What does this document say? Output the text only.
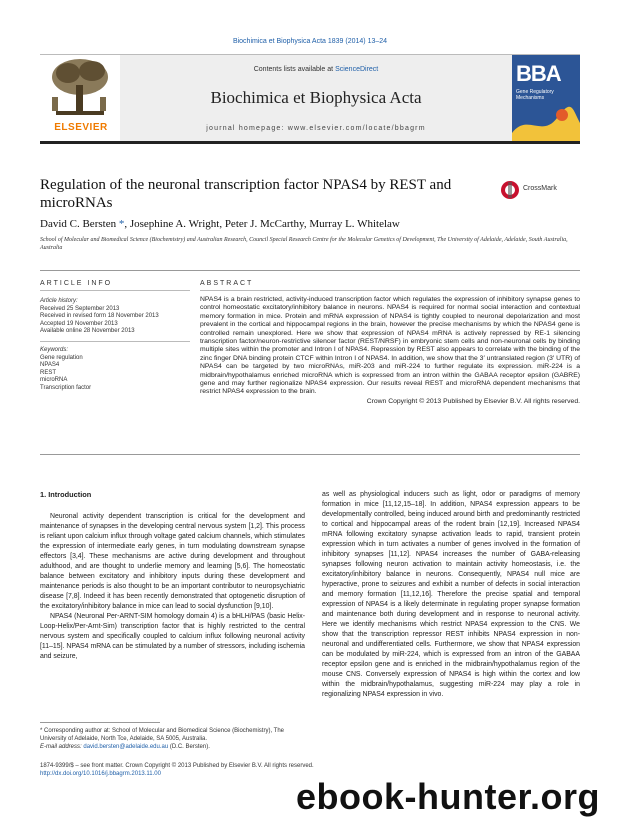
Biochimica et Biophysica Acta 1839 (2014) 13–24
ELSEVIER
Contents lists available at ScienceDirect
Biochimica et Biophysica Acta
journal homepage: www.elsevier.com/locate/bbagrm
BBA
Gene Regulatory Mechanisms
Regulation of the neuronal transcription factor NPAS4 by REST and microRNAs
CrossMark
David C. Bersten *, Josephine A. Wright, Peter J. McCarthy, Murray L. Whitelaw
School of Molecular and Biomedical Science (Biochemistry) and Australian Research, Council Special Research Centre for the Molecular Genetics of Development, The University of Adelaide, Adelaide, South Australia, Australia
ARTICLE INFO	ABSTRACT
Article history:
Received 25 September 2013
Received in revised form 18 November 2013
Accepted 19 November 2013
Available online 28 November 2013
Keywords:
Gene regulation
NPAS4
REST
microRNA
Transcription factor
NPAS4 is a brain restricted, activity-induced transcription factor which regulates the expression of inhibitory synapse genes to control homeostatic excitatory/inhibitory balance in neurons. NPAS4 is required for normal social interaction and contextual memory formation in mice. Protein and mRNA expression of NPAS4 is tightly coupled to neuronal depolarization and most prevalent in the cortical and hippocampal regions in the brain, however the precise mechanisms by which the NPAS4 gene is controlled remain unexplored. Here we show that expression of NPAS4 mRNA is actively repressed by RE-1 silencing transcription factor/neuron-restrictive silencer factor (REST/NRSF) in embryonic stem cells and non-neuronal cells by binding multiple sites within the promoter and Intron I of NPAS4. Repression by REST also appears to correlate with the binding of the zinc finger DNA binding protein CTCF within Intron I of NPAS4. In addition, we show that the 3′ untranslated region (3′ UTR) of NPAS4 can be targeted by two microRNAs, miR-203 and miR-224 to further regulate its expression. miR-224 is a midbrain/hypothalamus enriched microRNA which is expressed from an intron within the GABAA receptor epsilon (GABRE) gene and may further regionalize NPAS4 expression. Our results reveal REST and microRNA dependent mechanisms that restrict NPAS4 expression to the brain.
Crown Copyright © 2013 Published by Elsevier B.V. All rights reserved.
1. Introduction

Neuronal activity dependent transcription is critical for the development and maintenance of synapses in the developing central nervous system [1,2]. This process is reliant upon calcium influx through voltage gated calcium channels, which stimulates the expression of intermediate early genes, in turn modulating downstream synapse effectors [3,4]. These mechanisms are active during development and throughout adulthood, and are thought to underlie memory and learning [5,6]. The homeostatic balance between excitatory and inhibitory inputs during these development and maintenance periods is also thought to be an important contributor to neuropsychiatric disease [7,8]. Indeed it has been recently demonstrated that optogenetic disruption of the excitatory/inhibitory balance in mice can lead to social dysfunction [9,10].

NPAS4 (Neuronal Per-ARNT-SIM homology domain 4) is a bHLH/PAS (basic Helix-Loop-Helix/Per-Arnt-Sim) transcription factor that is highly restricted to the central nervous system and specifically coupled to calcium influx following neuronal activity [11–15]. NPAS4 mRNA can be stimulated by a number of stressors, including ischemia and seizure,

as well as physiological inducers such as light, odor or paradigms of memory formation in mice [11,12,15–18]. In addition, NPAS4 expression appears to be developmentally controlled, being induced around birth and predominantly restricted to cortical and hippocampal areas of the rodent brain [12,19]. Increased NPAS4 mRNA following excitatory synapse activation leads to rapid, transient protein expression which in turn activates a number of genes involved in the formation of inhibitory synapses [11,12]. NPAS4 increases the number of GABA-releasing synapses following neuron activation to maintain activity homeostasis, i.e. the excitatory/inhibitory balance in neurons. Consequently, NPAS4 null mice are hyperactive, prone to seizures and exhibit a number of defects in social interaction and memory formation [11,12,16]. Therefore the precise spatial and temporal expression of NPAS4 is a likely determinate in regulating proper synapse formation and maintenance both during development and in response to neuronal activity. Here we identify mechanisms which restrict NPAS4 expression to the CNS. We show that the transcription repressor REST inhibits NPAS4 expression in non-neuronal and undifferentiated cells. Furthermore, we show that NPAS4 expression can be modulated by miR-224, which is expressed from an intron of the GABAA receptor epsilon gene and is enriched in the midbrain/hypothalamus region of the mouse CNS. Conversely expression of NPAS4 is high within the cortex and low within the midbrain/hypothalamus, suggesting miR-224 may play a role in regionalizing NPAS4 expression in vivo.

* Corresponding author at: School of Molecular and Biomedical Science (Biochemistry), The University of Adelaide, North Tce, Adelaide, SA 5005, Australia.
E-mail address: david.bersten@adelaide.edu.au (D.C. Bersten).
1874-9399/$ – see front matter. Crown Copyright © 2013 Published by Elsevier B.V. All rights reserved.
http://dx.doi.org/10.1016/j.bbagrm.2013.11.00
ebook-hunter.org
